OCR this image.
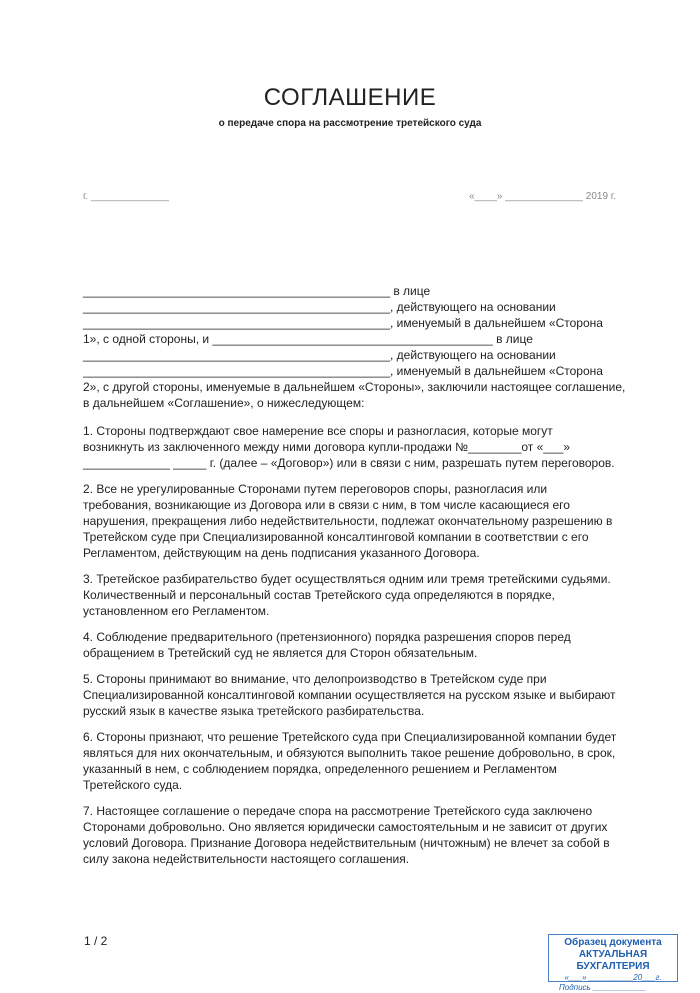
СОГЛАШЕНИЕ
о передаче спора на рассмотрение третейского суда
г. ______________	«____» ______________ 2019 г.
______________________________________________ в лице
______________________________________________, действующего на основании
______________________________________________, именуемый в дальнейшем «Сторона
1», с одной стороны, и __________________________________________ в лице
______________________________________________, действующего на основании
______________________________________________, именуемый в дальнейшем «Сторона
2», с другой стороны, именуемые в дальнейшем «Стороны», заключили настоящее соглашение,
в дальнейшем «Соглашение», о нижеследующем:

1. Стороны подтверждают свое намерение все споры и разногласия, которые могут возникнуть из заключенного между ними договора купли-продажи №________от «___» _____________ _____ г. (далее – «Договор») или в связи с ним, разрешать путем переговоров.

2. Все не урегулированные Сторонами путем переговоров споры, разногласия или требования, возникающие из Договора или в связи с ним, в том числе касающиеся его нарушения, прекращения либо недействительности, подлежат окончательному разрешению в Третейском суде при Специализированной консалтинговой компании в соответствии с его Регламентом, действующим на день подписания указанного Договора.

3. Третейское разбирательство будет осуществляться одним или тремя третейскими судьями. Количественный и персональный состав Третейского суда определяются в порядке, установленном его Регламентом.

4. Соблюдение предварительного (претензионного) порядка разрешения споров перед обращением в Третейский суд не является для Сторон обязательным.

5. Стороны принимают во внимание, что делопроизводство в Третейском суде при Специализированной консалтинговой компании осуществляется на русском языке и выбирают русский язык в качестве языка третейского разбирательства.

6. Стороны признают, что решение Третейского суда при Специализированной компании будет являться для них окончательным, и обязуются выполнить такое решение добровольно, в срок, указанный в нем, с соблюдением порядка, определенного решением и Регламентом Третейского суда.

7. Настоящее соглашение о передаче спора на рассмотрение Третейского суда заключено Сторонами добровольно. Оно является юридически самостоятельным и не зависит от других условий Договора. Признание Договора недействительным (ничтожным) не влечет за собой в силу закона недействительности настоящего соглашения.

1 / 2	Образец документа
АКТУАЛЬНАЯ БУХГАЛТЕРИЯ
«___» __________20___г.
Подпись ____________
